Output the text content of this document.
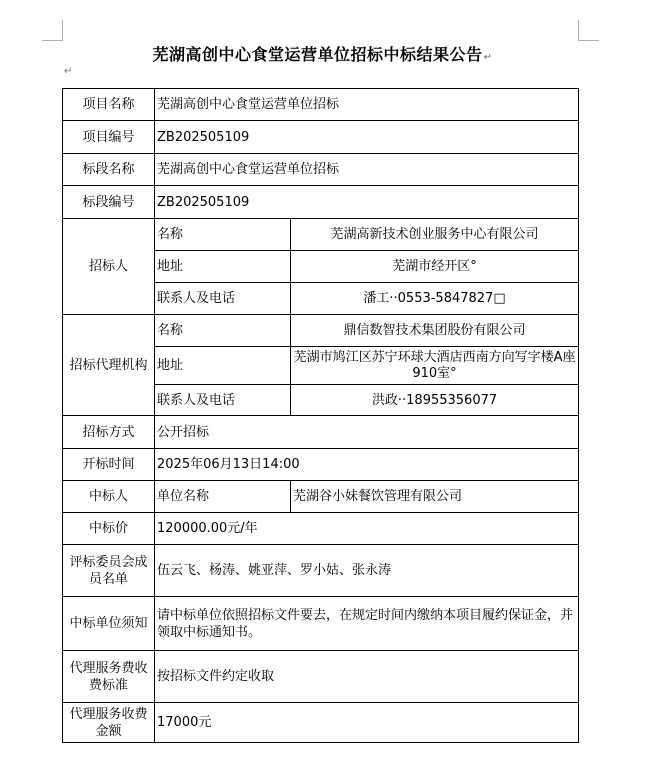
芜湖高创中心食堂运营单位招标中标结果公告↵
↵
项目名称	芜湖高创中心食堂运营单位招标	
项目编号	ZB202505109	
标段名称	芜湖高创中心食堂运营单位招标	
标段编号	ZB202505109	
招标人	名称	芜湖高新技术创业服务中心有限公司
	地址	芜湖市经开区°
	联系人及电话	潘工··0553-5847827□
招标代理机构	名称	鼎信数智技术集团股份有限公司
	地址	芜湖市鸠江区苏宁环球大酒店西南方向写字楼A座910室°
	联系人及电话	洪政··18955356077
招标方式	公开招标	
开标时间	2025年06月13日14:00	
中标人	单位名称	芜湖谷小妹餐饮管理有限公司
中标价	120000.00元/年	
评标委员会成员名单	伍云飞、杨涛、姚亚萍、罗小姑、张永涛	
中标单位须知	请中标单位依照招标文件要去，在规定时间内缴纳本项目履约保证金，并领取中标通知书。	
代理服务费收费标准	按招标文件约定收取	
代理服务收费金额	17000元	
